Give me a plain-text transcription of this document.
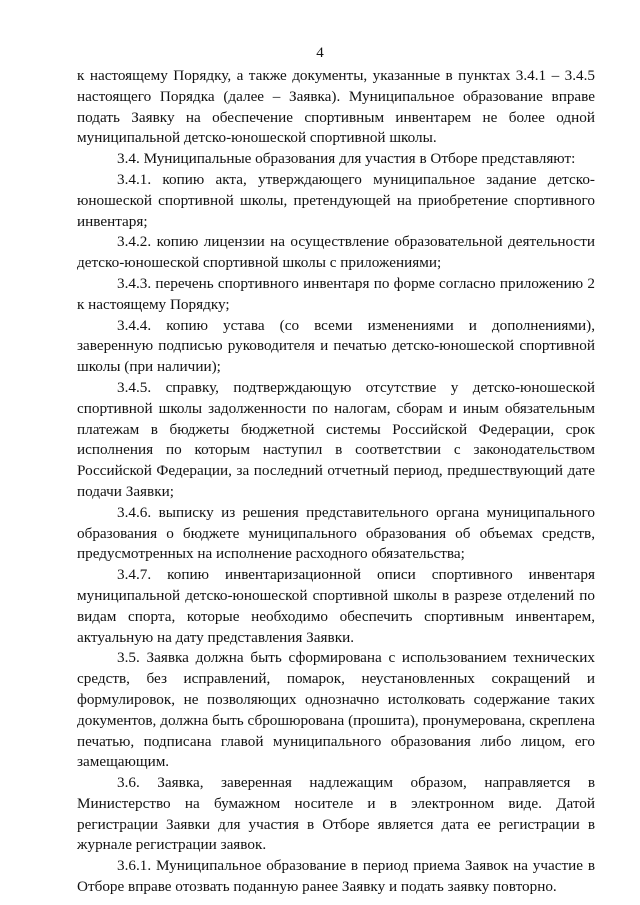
4

к настоящему Порядку, а также документы, указанные в пунктах 3.4.1 – 3.4.5 настоящего Порядка (далее – Заявка). Муниципальное образование вправе подать Заявку на обеспечение спортивным инвентарем не более одной муниципальной детско-юношеской спортивной школы.

3.4. Муниципальные образования для участия в Отборе представляют:

3.4.1. копию акта, утверждающего муниципальное задание детско-юношеской спортивной школы, претендующей на приобретение спортивного инвентаря;

3.4.2. копию лицензии на осуществление образовательной деятельности детско-юношеской спортивной школы с приложениями;

3.4.3. перечень спортивного инвентаря по форме согласно приложению 2 к настоящему Порядку;

3.4.4. копию устава (со всеми изменениями и дополнениями), заверенную подписью руководителя и печатью детско-юношеской спортивной школы (при наличии);

3.4.5. справку, подтверждающую отсутствие у детско-юношеской спортивной школы задолженности по налогам, сборам и иным обязательным платежам в бюджеты бюджетной системы Российской Федерации, срок исполнения по которым наступил в соответствии с законодательством Российской Федерации, за последний отчетный период, предшествующий дате подачи Заявки;

3.4.6. выписку из решения представительного органа муниципального образования о бюджете муниципального образования об объемах средств, предусмотренных на исполнение расходного обязательства;

3.4.7. копию инвентаризационной описи спортивного инвентаря муниципальной детско-юношеской спортивной школы в разрезе отделений по видам спорта, которые необходимо обеспечить спортивным инвентарем, актуальную на дату представления Заявки.

3.5. Заявка должна быть сформирована с использованием технических средств, без исправлений, помарок, неустановленных сокращений и формулировок, не позволяющих однозначно истолковать содержание таких документов, должна быть сброшюрована (прошита), пронумерована, скреплена печатью, подписана главой муниципального образования либо лицом, его замещающим.

3.6. Заявка, заверенная надлежащим образом, направляется в Министерство на бумажном носителе и в электронном виде. Датой регистрации Заявки для участия в Отборе является дата ее регистрации в журнале регистрации заявок.

3.6.1. Муниципальное образование в период приема Заявок на участие в Отборе вправе отозвать поданную ранее Заявку и подать заявку повторно.
